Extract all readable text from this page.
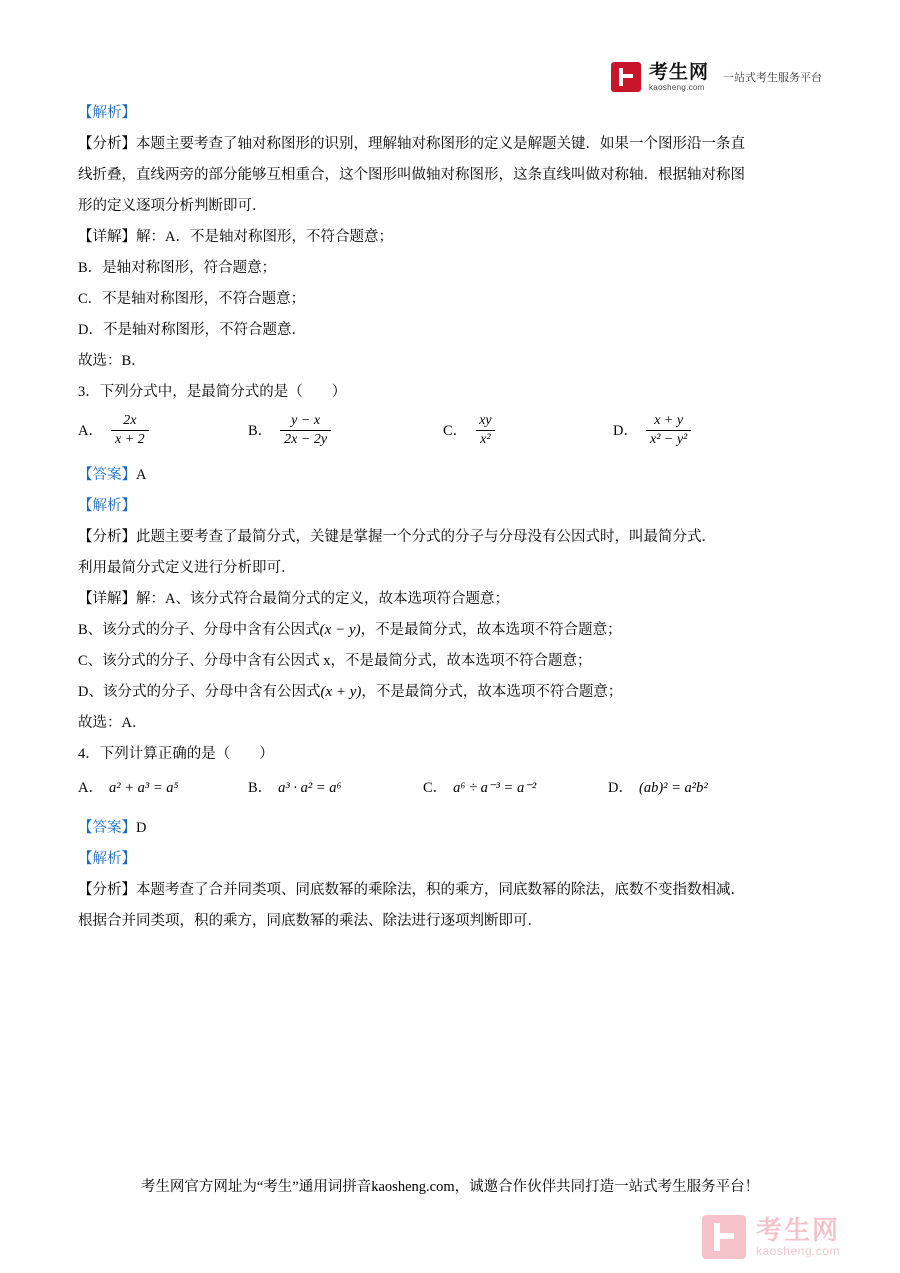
考生网
kaosheng.com
一站式考生服务平台

【解析】

【分析】本题主要考查了轴对称图形的识别，理解轴对称图形的定义是解题关键．如果一个图形沿一条直

线折叠，直线两旁的部分能够互相重合，这个图形叫做轴对称图形，这条直线叫做对称轴．根据轴对称图

形的定义逐项分析判断即可．

【详解】解：A．不是轴对称图形，不符合题意；

B．是轴对称图形，符合题意；

C．不是轴对称图形，不符合题意；

D．不是轴对称图形，不符合题意．

故选：B．

3．下列分式中，是最简分式的是（　　）

A． $\frac{2x}{x + 2}$	B． $\frac{y - x}{2x - 2y}$	C． $\frac{xy}{\text{x²}}$	D． $\frac{x + y}{\text{x² − y²}}$

【答案】A

【解析】

【分析】此题主要考查了最简分式，关键是掌握一个分式的分子与分母没有公因式时，叫最简分式．

利用最简分式定义进行分析即可．

【详解】解：A、该分式符合最简分式的定义，故本选项符合题意；

B、该分式的分子、分母中含有公因式(x − y)，不是最简分式，故本选项不符合题意；

C、该分式的分子、分母中含有公因式 x，不是最简分式，故本选项不符合题意；

D、该分式的分子、分母中含有公因式(x + y)，不是最简分式，故本选项不符合题意；

故选：A．

4．下列计算正确的是（　　）

A． a² + a³ = a⁵	B． a³ · a² = a⁶	C． a⁶ ÷ a⁻³ = a⁻²	D． (ab)² = a²b²

【答案】D

【解析】

【分析】本题考查了合并同类项、同底数幂的乘除法，积的乘方，同底数幂的除法，底数不变指数相减．

根据合并同类项，积的乘方，同底数幂的乘法、除法进行逐项判断即可．

考生网官方网址为“考生”通用词拼音kaosheng.com，诚邀合作伙伴共同打造一站式考生服务平台！
考生网
kaosheng.com
